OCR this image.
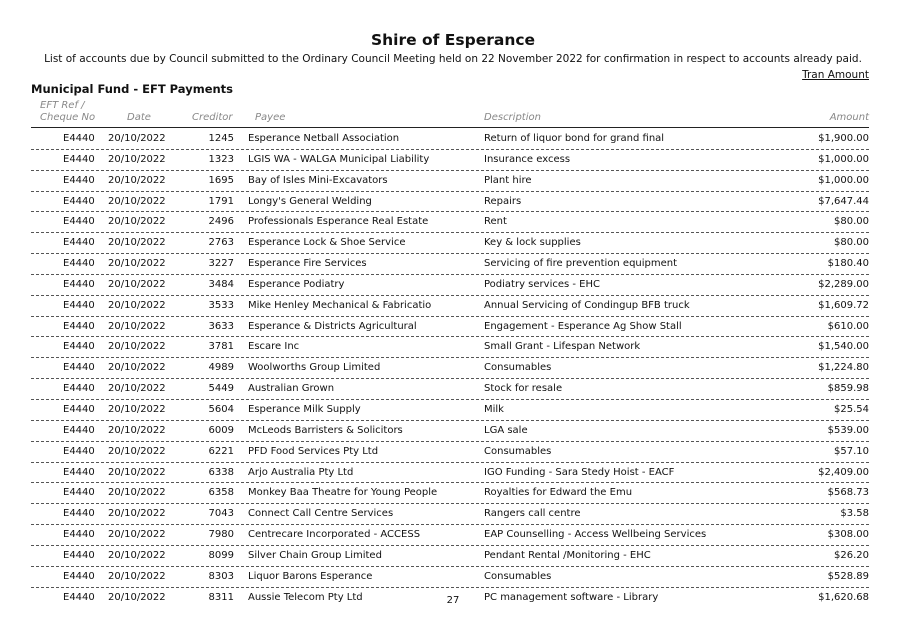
Shire of Esperance
List of accounts due by Council submitted to the Ordinary Council Meeting held on 22 November 2022 for confirmation in respect to accounts already paid.
Tran Amount
Municipal Fund - EFT Payments
EFT Ref /
Cheque No	Date	Creditor Payee	Description	Amount
E4440 20/10/2022	1245 Esperance Netball Association	Return of liquor bond for grand final	$1,900.00
E4440 20/10/2022	1323 LGIS WA - WALGA Municipal Liability	Insurance excess	$1,000.00
E4440 20/10/2022	1695 Bay of Isles Mini-Excavators	Plant hire	$1,000.00
E4440 20/10/2022	1791 Longy's General Welding	Repairs	$7,647.44
E4440 20/10/2022	2496 Professionals Esperance Real Estate	Rent	$80.00
E4440 20/10/2022	2763 Esperance Lock & Shoe Service	Key & lock supplies	$80.00
E4440 20/10/2022	3227 Esperance Fire Services	Servicing of fire prevention equipment	$180.40
E4440 20/10/2022	3484 Esperance Podiatry	Podiatry services - EHC	$2,289.00
E4440 20/10/2022	3533 Mike Henley Mechanical & Fabricatio	Annual Servicing of Condingup BFB truck	$1,609.72
E4440 20/10/2022	3633 Esperance & Districts Agricultural	Engagement - Esperance Ag Show Stall	$610.00
E4440 20/10/2022	3781 Escare Inc	Small Grant - Lifespan Network	$1,540.00
E4440 20/10/2022	4989 Woolworths Group Limited	Consumables	$1,224.80
E4440 20/10/2022	5449 Australian Grown	Stock for resale	$859.98
E4440 20/10/2022	5604 Esperance Milk Supply	Milk	$25.54
E4440 20/10/2022	6009 McLeods Barristers & Solicitors	LGA sale	$539.00
E4440 20/10/2022	6221 PFD Food Services Pty Ltd	Consumables	$57.10
E4440 20/10/2022	6338 Arjo Australia Pty Ltd	IGO Funding - Sara Stedy Hoist - EACF	$2,409.00
E4440 20/10/2022	6358 Monkey Baa Theatre for Young People	Royalties for Edward the Emu	$568.73
E4440 20/10/2022	7043 Connect Call Centre Services	Rangers call centre	$3.58
E4440 20/10/2022	7980 Centrecare Incorporated - ACCESS	EAP Counselling - Access Wellbeing Services	$308.00
E4440 20/10/2022	8099 Silver Chain Group Limited	Pendant Rental /Monitoring - EHC	$26.20
E4440 20/10/2022	8303 Liquor Barons Esperance	Consumables	$528.89
E4440 20/10/2022	8311 Aussie Telecom Pty Ltd	PC management software - Library	$1,620.68
27
